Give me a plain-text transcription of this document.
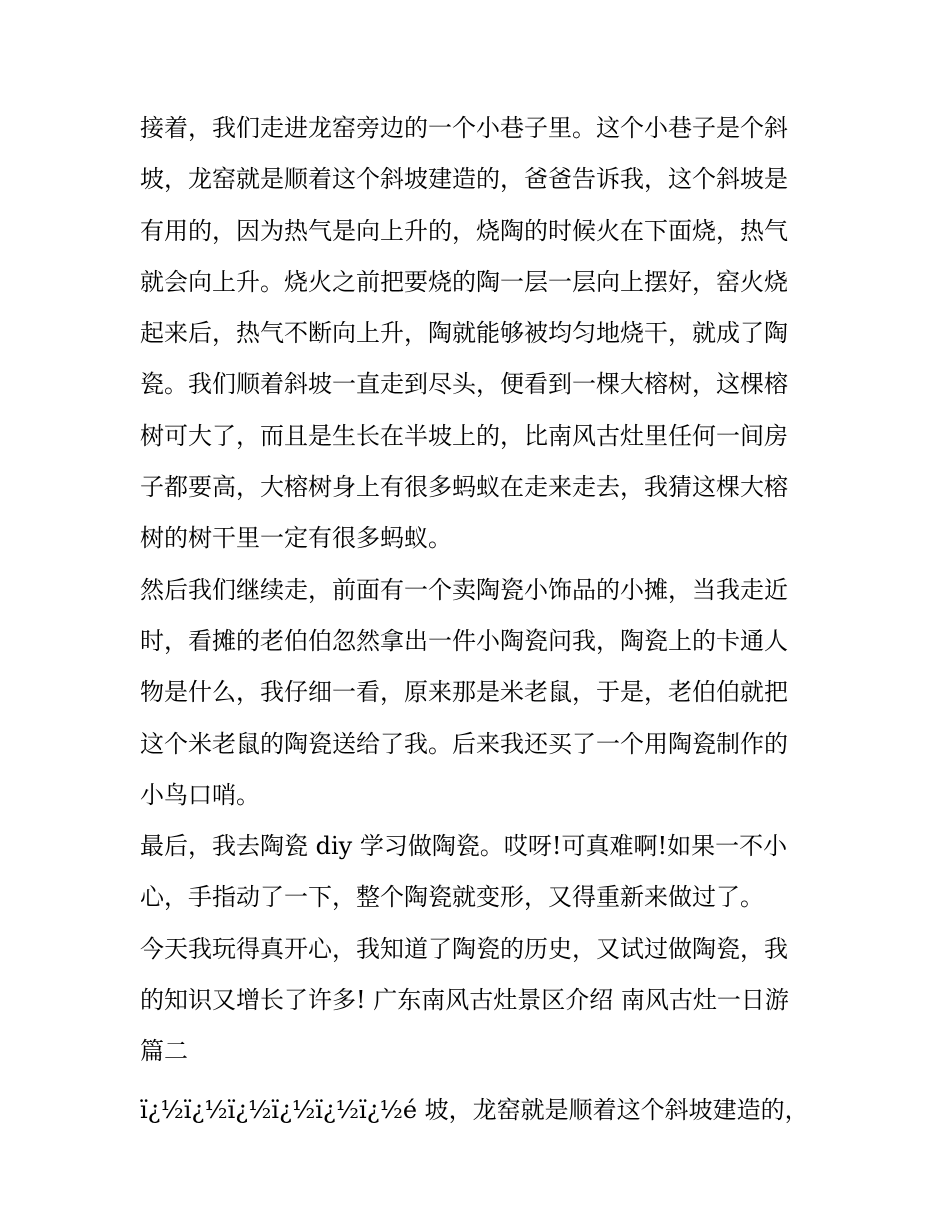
接着，我们走进龙窑旁边的一个小巷子里。这个小巷子是个斜
坡，龙窑就是顺着这个斜坡建造的，爸爸告诉我，这个斜坡是
有用的，因为热气是向上升的，烧陶的时候火在下面烧，热气
就会向上升。烧火之前把要烧的陶一层一层向上摆好，窑火烧
起来后，热气不断向上升，陶就能够被均匀地烧干，就成了陶
瓷。我们顺着斜坡一直走到尽头，便看到一棵大榕树，这棵榕
树可大了，而且是生长在半坡上的，比南风古灶里任何一间房
子都要高，大榕树身上有很多蚂蚁在走来走去，我猜这棵大榕
树的树干里一定有很多蚂蚁。
然后我们继续走，前面有一个卖陶瓷小饰品的小摊，当我走近
时，看摊的老伯伯忽然拿出一件小陶瓷问我，陶瓷上的卡通人
物是什么，我仔细一看，原来那是米老鼠，于是，老伯伯就把
这个米老鼠的陶瓷送给了我。后来我还买了一个用陶瓷制作的
小鸟口哨。
最后，我去陶瓷 diy 学习做陶瓷。哎呀!可真难啊!如果一不小
心，手指动了一下，整个陶瓷就变形，又得重新来做过了。
今天我玩得真开心，我知道了陶瓷的历史，又试过做陶瓷，我
的知识又增长了许多! 广东南风古灶景区介绍 南风古灶一日游
篇二
ï¿½ï¿½ï¿½ï¿½ï¿½ï¿½é 坡，龙窑就是顺着这个斜坡建造的，
